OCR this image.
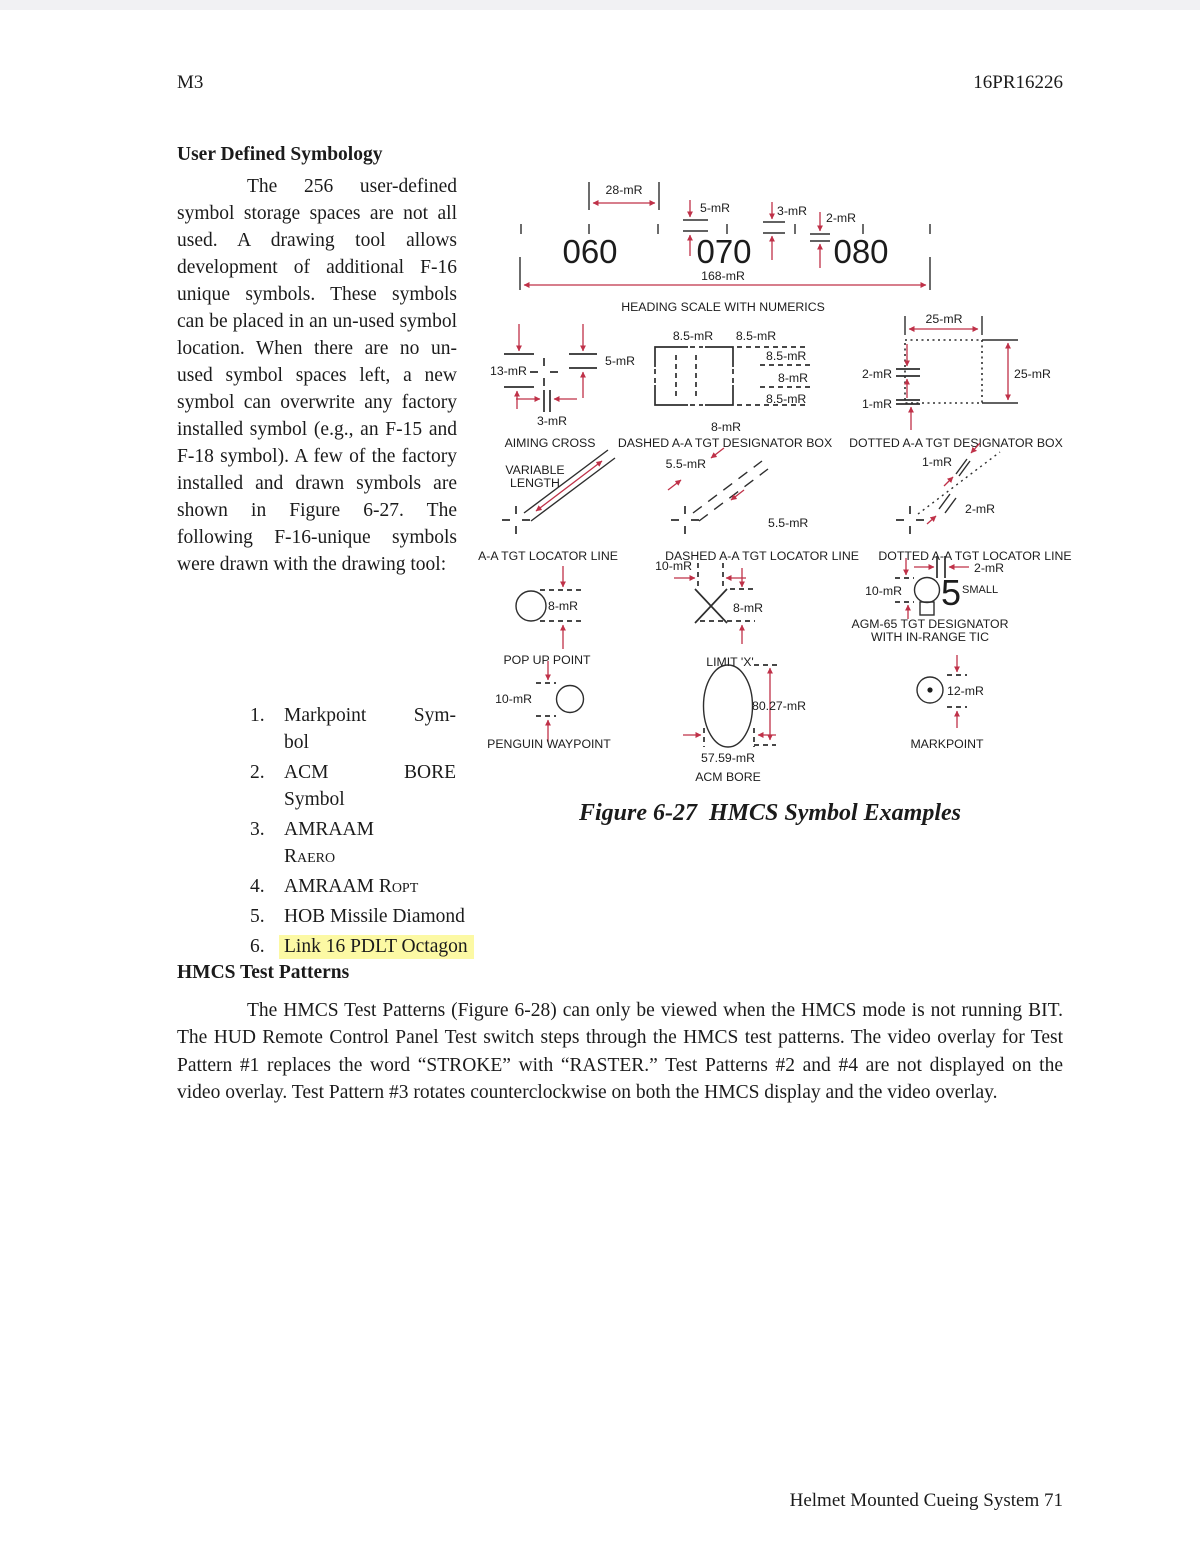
M3	16PR16226
User Defined Symbology
The 256 user-defined symbol storage spaces are not all used. A drawing tool allows development of additional F-16 unique symbols. These symbols can be placed in an un-used symbol location. When there are no un-used symbol spaces left, a new symbol can overwrite any factory installed symbol (e.g., an F-15 and F-18 symbol). A few of the factory installed and drawn symbols are shown in Figure 6-27. The following F-16-unique symbols were drawn with the drawing tool:
1. Markpoint Sym-
bol
2. ACM BORE
Symbol
3. AMRAAM
Raero
4. AMRAAM Ropt
5. HOB Missile Diamond
6. Link 16 PDLT Octagon
Figure 6-27  HMCS Symbol Examples
HMCS Test Patterns
The HMCS Test Patterns (Figure 6-28) can only be viewed when the HMCS mode is not running BIT. The HUD Remote Control Panel Test switch steps through the HMCS test patterns. The video overlay for Test Pattern #1 replaces the word “STROKE” with “RASTER.” Test Patterns #2 and #4 are not displayed on the video overlay. Test Pattern #3 rotates counterclockwise on both the HMCS display and the video overlay.
Helmet Mounted Cueing System 71
060 070 080
28-mR
5-mR	3-mR 2-mR
168-mR
HEADING SCALE WITH NUMERICS
13-mR
5-mR
3-mR
AIMING CROSS
8.5-mR 8.5-mR
8.5-mR
8-mR
8.5-mR
8-mR
DASHED A-A TGT DESIGNATOR BOX
25-mR
2-mR
1-mR
25-mR
DOTTED A-A TGT DESIGNATOR BOX
VARIABLE
LENGTH
A-A TGT LOCATOR LINE
5.5-mR
5.5-mR
DASHED A-A TGT LOCATOR LINE
1-mR
2-mR
DOTTED A-A TGT LOCATOR LINE
8-mR
POP UP POINT
10-mR
8-mR
LIMIT 'X'
5 SMALL
10-mR
2-mR
AGM-65 TGT DESIGNATOR
WITH IN-RANGE TIC
10-mR
PENGUIN WAYPOINT
80.27-mR
57.59-mR
ACM BORE
12-mR
MARKPOINT
